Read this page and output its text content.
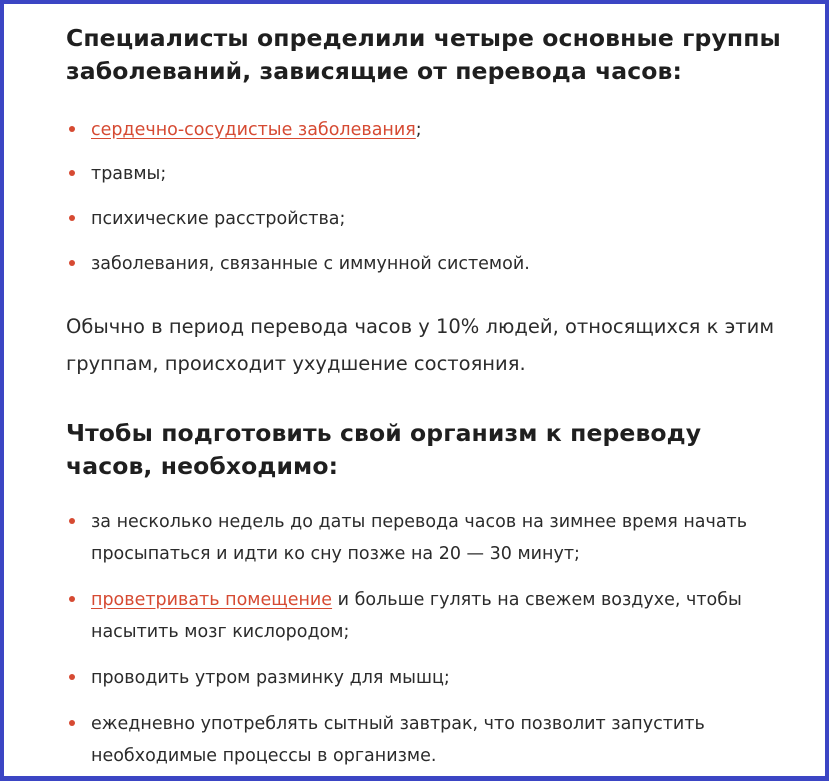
Специалисты определили четыре основные группы заболеваний, зависящие от перевода часов:
сердечно-сосудистые заболевания;
травмы;
психические расстройства;
заболевания, связанные с иммунной системой.

Обычно в период перевода часов у 10% людей, относящихся к этим группам, происходит ухудшение состояния.

Чтобы подготовить свой организм к переводу часов, необходимо:
за несколько недель до даты перевода часов на зимнее время начать просыпаться и идти ко сну позже на 20 — 30 минут;
проветривать помещение и больше гулять на свежем воздухе, чтобы насытить мозг кислородом;
проводить утром разминку для мышц;
ежедневно употреблять сытный завтрак, что позволит запустить необходимые процессы в организме.
